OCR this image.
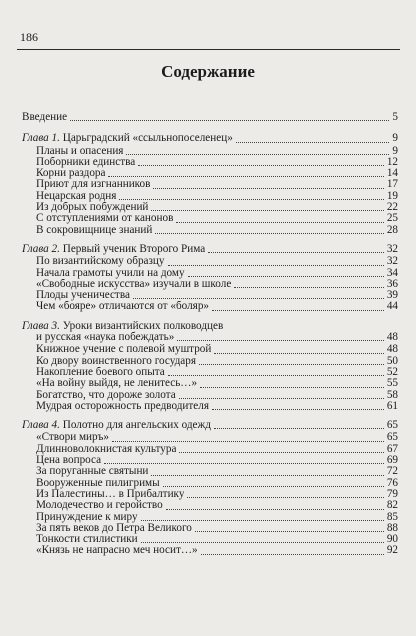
186
Содержание
Введение	5
Глава 1. Царьградский «ссыльнопоселенец»	9
Планы и опасения	9
Поборники единства	12
Корни раздора	14
Приют для изгнанников	17
Нецарская родня	19
Из добрых побуждений	22
С отступлениями от канонов	25
В сокровищнице знаний	28
Глава 2. Первый ученик Второго Рима	32
По византийскому образцу	32
Начала грамоты учили на дому	34
«Свободные искусства» изучали в школе	36
Плоды ученичества	39
Чем «бояре» отличаются от «боляр»	44
Глава 3. Уроки византийских полководцев
и русская «наука побеждать»	48
Книжное учение с полевой муштрой	48
Ко двору воинственного государя	50
Накопление боевого опыта	52
«На войну выйдя, не ленитесь…»	55
Богатство, что дороже золота	58
Мудрая осторожность предводителя	61
Глава 4. Полотно для ангельских одежд	65
«Створи миръ»	65
Длинноволокнистая культура	67
Цена вопроса	69
За поруганные святыни	72
Вооруженные пилигримы	76
Из Палестины… в Прибалтику	79
Молодечество и геройство	82
Принуждение к миру	85
За пять веков до Петра Великого	88
Тонкости стилистики	90
«Князь не напрасно меч носит…»	92
